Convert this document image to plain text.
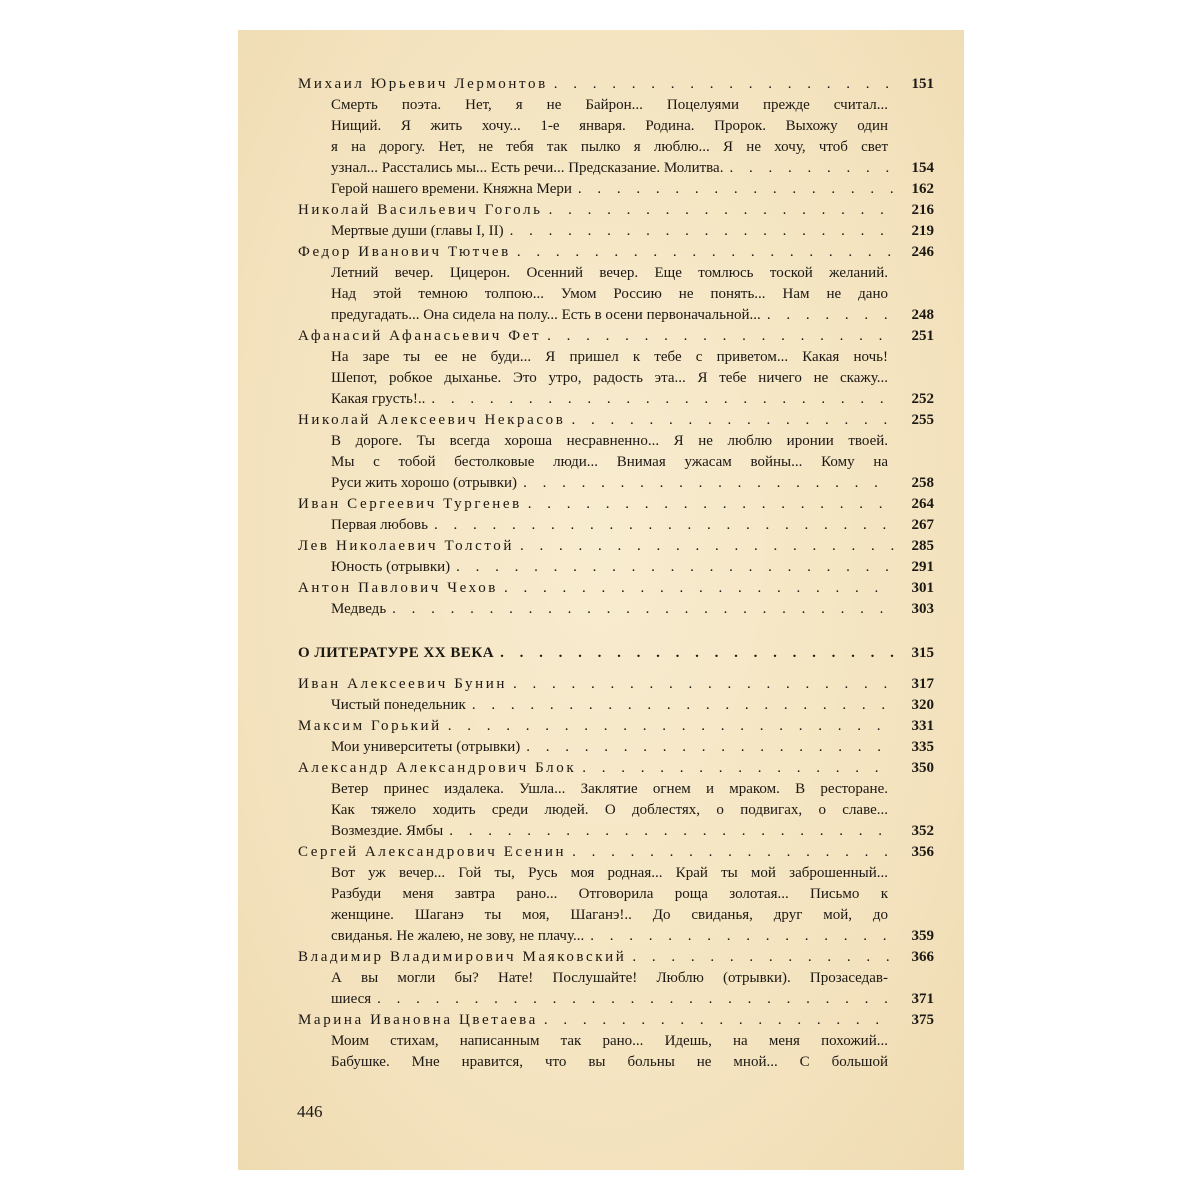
Михаил Юрьевич Лермонтов . . .	151
Смерть поэта. Нет, я не Байрон... Поцелуями прежде считал...
Нищий. Я жить хочу... 1-е января. Родина. Пророк. Выхожу один
я на дорогу. Нет, не тебя так пылко я люблю... Я не хочу, чтоб свет
узнал... Расстались мы... Есть речи... Предсказание. Молитва. . . .	154
Герой нашего времени. Княжна Мери . . .	162
Николай Васильевич Гоголь . . .	216
Мертвые души (главы I, II) . . .	219
Федор Иванович Тютчев . . .	246
Летний вечер. Цицерон. Осенний вечер. Еще томлюсь тоской желаний.
Над этой темною толпою... Умом Россию не понять... Нам не дано
предугадать... Она сидела на полу... Есть в осени первоначальной... . . .	248
Афанасий Афанасьевич Фет . . .	251
На заре ты ее не буди... Я пришел к тебе с приветом... Какая ночь!
Шепот, робкое дыханье. Это утро, радость эта... Я тебе ничего не скажу...
Какая грусть!.. . . .	252
Николай Алексеевич Некрасов . . .	255
В дороге. Ты всегда хороша несравненно... Я не люблю иронии твоей.
Мы с тобой бестолковые люди... Внимая ужасам войны... Кому на
Руси жить хорошо (отрывки) . . .	258
Иван Сергеевич Тургенев . . .	264
Первая любовь . . .	267
Лев Николаевич Толстой . . .	285
Юность (отрывки) . . .	291
Антон Павлович Чехов . . .	301
Медведь . . .	303
О ЛИТЕРАТУРЕ XX ВЕКА . . .	315
Иван Алексеевич Бунин . . .	317
Чистый понедельник . . .	320
Максим Горький . . .	331
Мои университеты (отрывки) . . .	335
Александр Александрович Блок . . .	350
Ветер принес издалека. Ушла... Заклятие огнем и мраком. В ресторане.
Как тяжело ходить среди людей. О доблестях, о подвигах, о славе...
Возмездие. Ямбы . . .	352
Сергей Александрович Есенин . . .	356
Вот уж вечер... Гой ты, Русь моя родная... Край ты мой заброшенный...
Разбуди меня завтра рано... Отговорила роща золотая... Письмо к
женщине. Шаганэ ты моя, Шаганэ!.. До свиданья, друг мой, до
свиданья. Не жалею, не зову, не плачу... . . .	359
Владимир Владимирович Маяковский . . .	366
А вы могли бы? Нате! Послушайте! Люблю (отрывки). Прозаседав-
шиеся . . .	371
Марина Ивановна Цветаева . . .	375
Моим стихам, написанным так рано... Идешь, на меня похожий...
Бабушке. Мне нравится, что вы больны не мной... С большой
446
